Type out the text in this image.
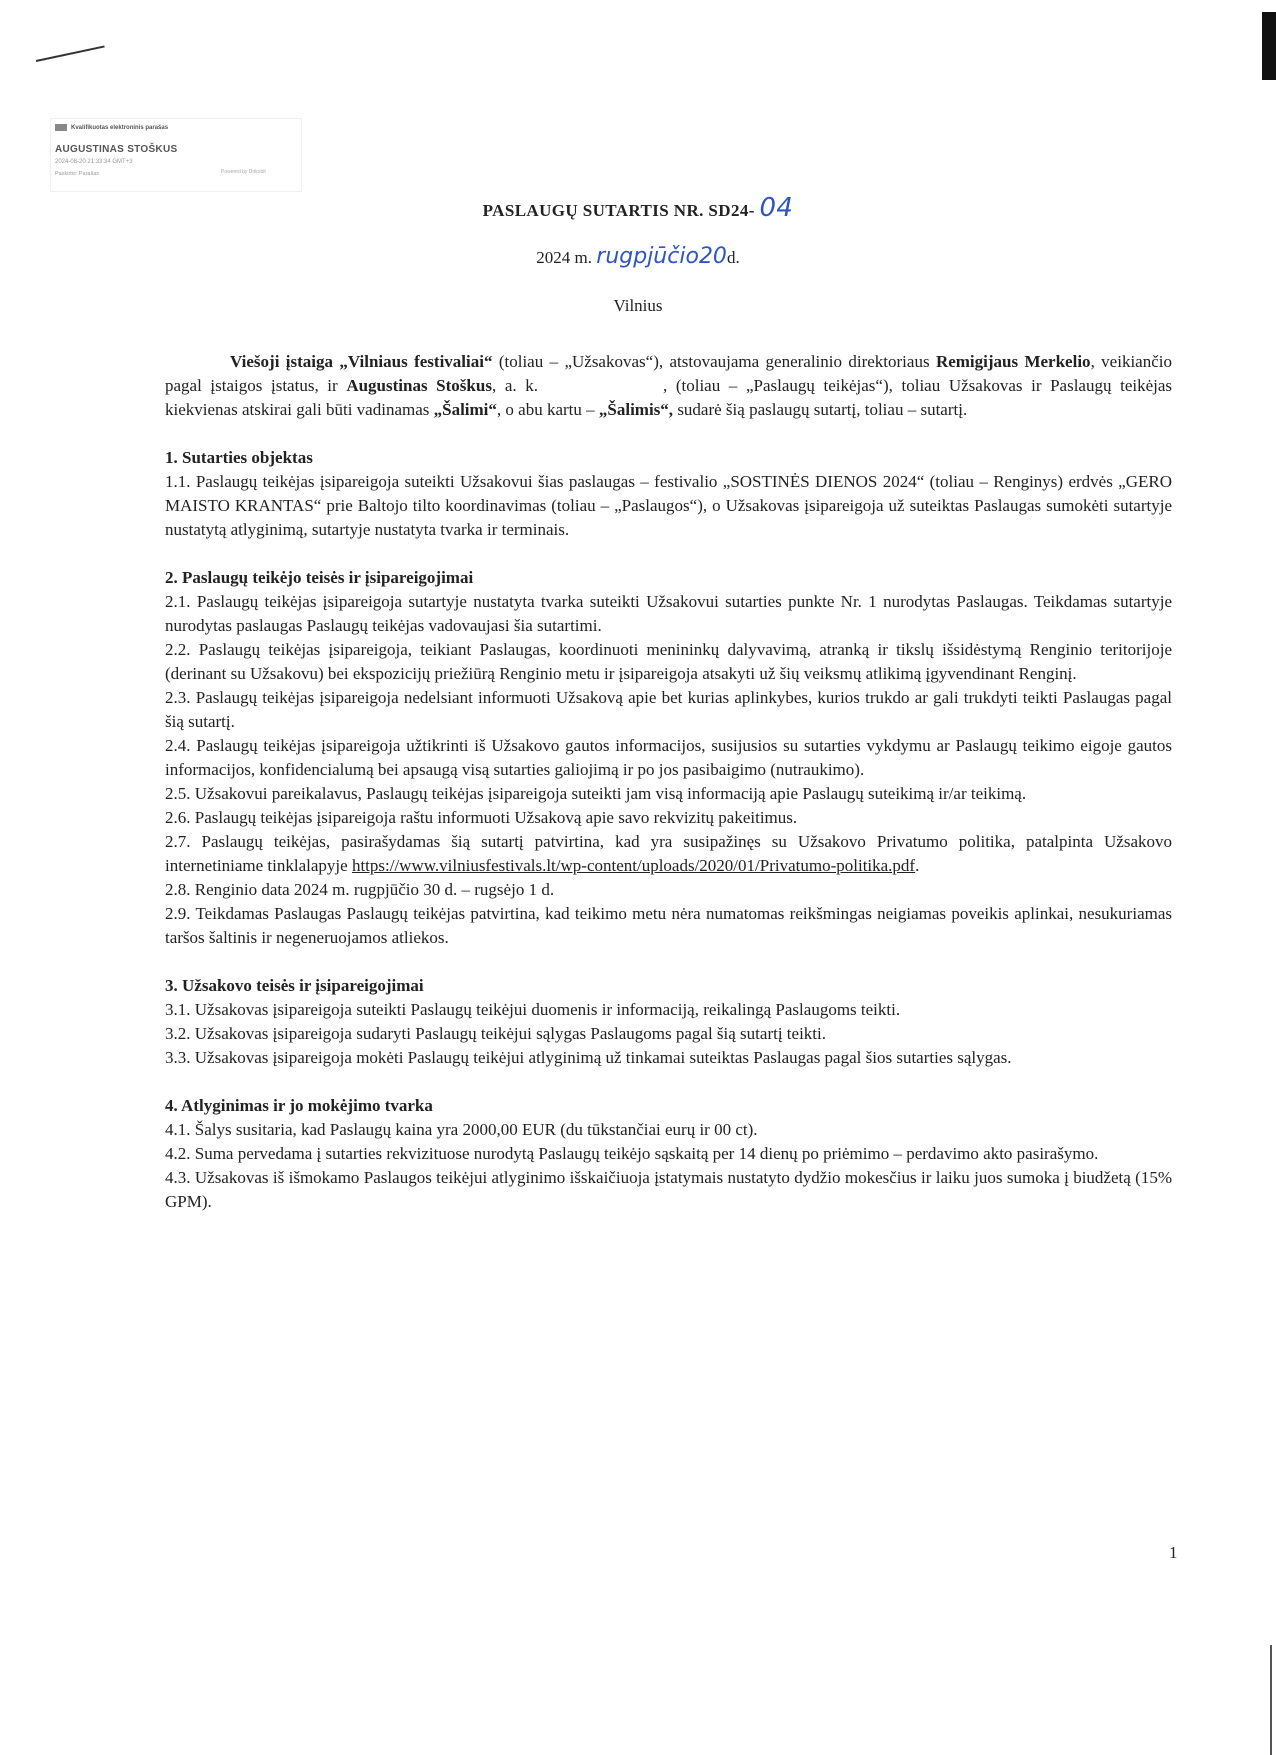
Kvalifikuotas elektroninis parašas
AUGUSTINAS STOŠKUS
2024-08-20 21:33:34 GMT+3
Paskirtis: Parašas	Powered by Dokobit
PASLAUGŲ SUTARTIS NR. SD24- 04
2024 m. rugpjūčio20d.
Vilnius

Viešoji įstaiga „Vilniaus festivaliai“ (toliau – „Užsakovas“), atstovaujama generalinio direktoriaus Remigijaus Merkelio, veikiančio pagal įstaigos įstatus, ir Augustinas Stoškus, a. k.	, (toliau – „Paslaugų teikėjas“), toliau Užsakovas ir Paslaugų teikėjas kiekvienas atskirai gali būti vadinamas „Šalimi“, o abu kartu – „Šalimis“, sudarė šią paslaugų sutartį, toliau – sutartį.

1. Sutarties objektas

1.1. Paslaugų teikėjas įsipareigoja suteikti Užsakovui šias paslaugas – festivalio „SOSTINĖS DIENOS 2024“ (toliau – Renginys) erdvės „GERO MAISTO KRANTAS“ prie Baltojo tilto koordinavimas (toliau – „Paslaugos“), o Užsakovas įsipareigoja už suteiktas Paslaugas sumokėti sutartyje nustatytą atlyginimą, sutartyje nustatyta tvarka ir terminais.

2. Paslaugų teikėjo teisės ir įsipareigojimai

2.1. Paslaugų teikėjas įsipareigoja sutartyje nustatyta tvarka suteikti Užsakovui sutarties punkte Nr. 1 nurodytas Paslaugas. Teikdamas sutartyje nurodytas paslaugas Paslaugų teikėjas vadovaujasi šia sutartimi.

2.2. Paslaugų teikėjas įsipareigoja, teikiant Paslaugas, koordinuoti menininkų dalyvavimą, atranką ir tikslų išsidėstymą Renginio teritorijoje (derinant su Užsakovu) bei ekspozicijų priežiūrą Renginio metu ir įsipareigoja atsakyti už šių veiksmų atlikimą įgyvendinant Renginį.

2.3. Paslaugų teikėjas įsipareigoja nedelsiant informuoti Užsakovą apie bet kurias aplinkybes, kurios trukdo ar gali trukdyti teikti Paslaugas pagal šią sutartį.

2.4. Paslaugų teikėjas įsipareigoja užtikrinti iš Užsakovo gautos informacijos, susijusios su sutarties vykdymu ar Paslaugų teikimo eigoje gautos informacijos, konfidencialumą bei apsaugą visą sutarties galiojimą ir po jos pasibaigimo (nutraukimo).

2.5. Užsakovui pareikalavus, Paslaugų teikėjas įsipareigoja suteikti jam visą informaciją apie Paslaugų suteikimą ir/ar teikimą.

2.6. Paslaugų teikėjas įsipareigoja raštu informuoti Užsakovą apie savo rekvizitų pakeitimus.

2.7. Paslaugų teikėjas, pasirašydamas šią sutartį patvirtina, kad yra susipažinęs su Užsakovo Privatumo politika, patalpinta Užsakovo internetiniame tinklalapyje https://www.vilniusfestivals.lt/wp-content/uploads/2020/01/Privatumo-politika.pdf.

2.8. Renginio data 2024 m. rugpjūčio 30 d. – rugsėjo 1 d.

2.9. Teikdamas Paslaugas Paslaugų teikėjas patvirtina, kad teikimo metu nėra numatomas reikšmingas neigiamas poveikis aplinkai, nesukuriamas taršos šaltinis ir negeneruojamos atliekos.

3. Užsakovo teisės ir įsipareigojimai

3.1. Užsakovas įsipareigoja suteikti Paslaugų teikėjui duomenis ir informaciją, reikalingą Paslaugoms teikti.

3.2. Užsakovas įsipareigoja sudaryti Paslaugų teikėjui sąlygas Paslaugoms pagal šią sutartį teikti.

3.3. Užsakovas įsipareigoja mokėti Paslaugų teikėjui atlyginimą už tinkamai suteiktas Paslaugas pagal šios sutarties sąlygas.

4. Atlyginimas ir jo mokėjimo tvarka

4.1. Šalys susitaria, kad Paslaugų kaina yra 2000,00 EUR (du tūkstančiai eurų ir 00 ct).

4.2. Suma pervedama į sutarties rekvizituose nurodytą Paslaugų teikėjo sąskaitą per 14 dienų po priėmimo – perdavimo akto pasirašymo.

4.3. Užsakovas iš išmokamo Paslaugos teikėjui atlyginimo išskaičiuoja įstatymais nustatyto dydžio mokesčius ir laiku juos sumoka į biudžetą (15% GPM).

1
